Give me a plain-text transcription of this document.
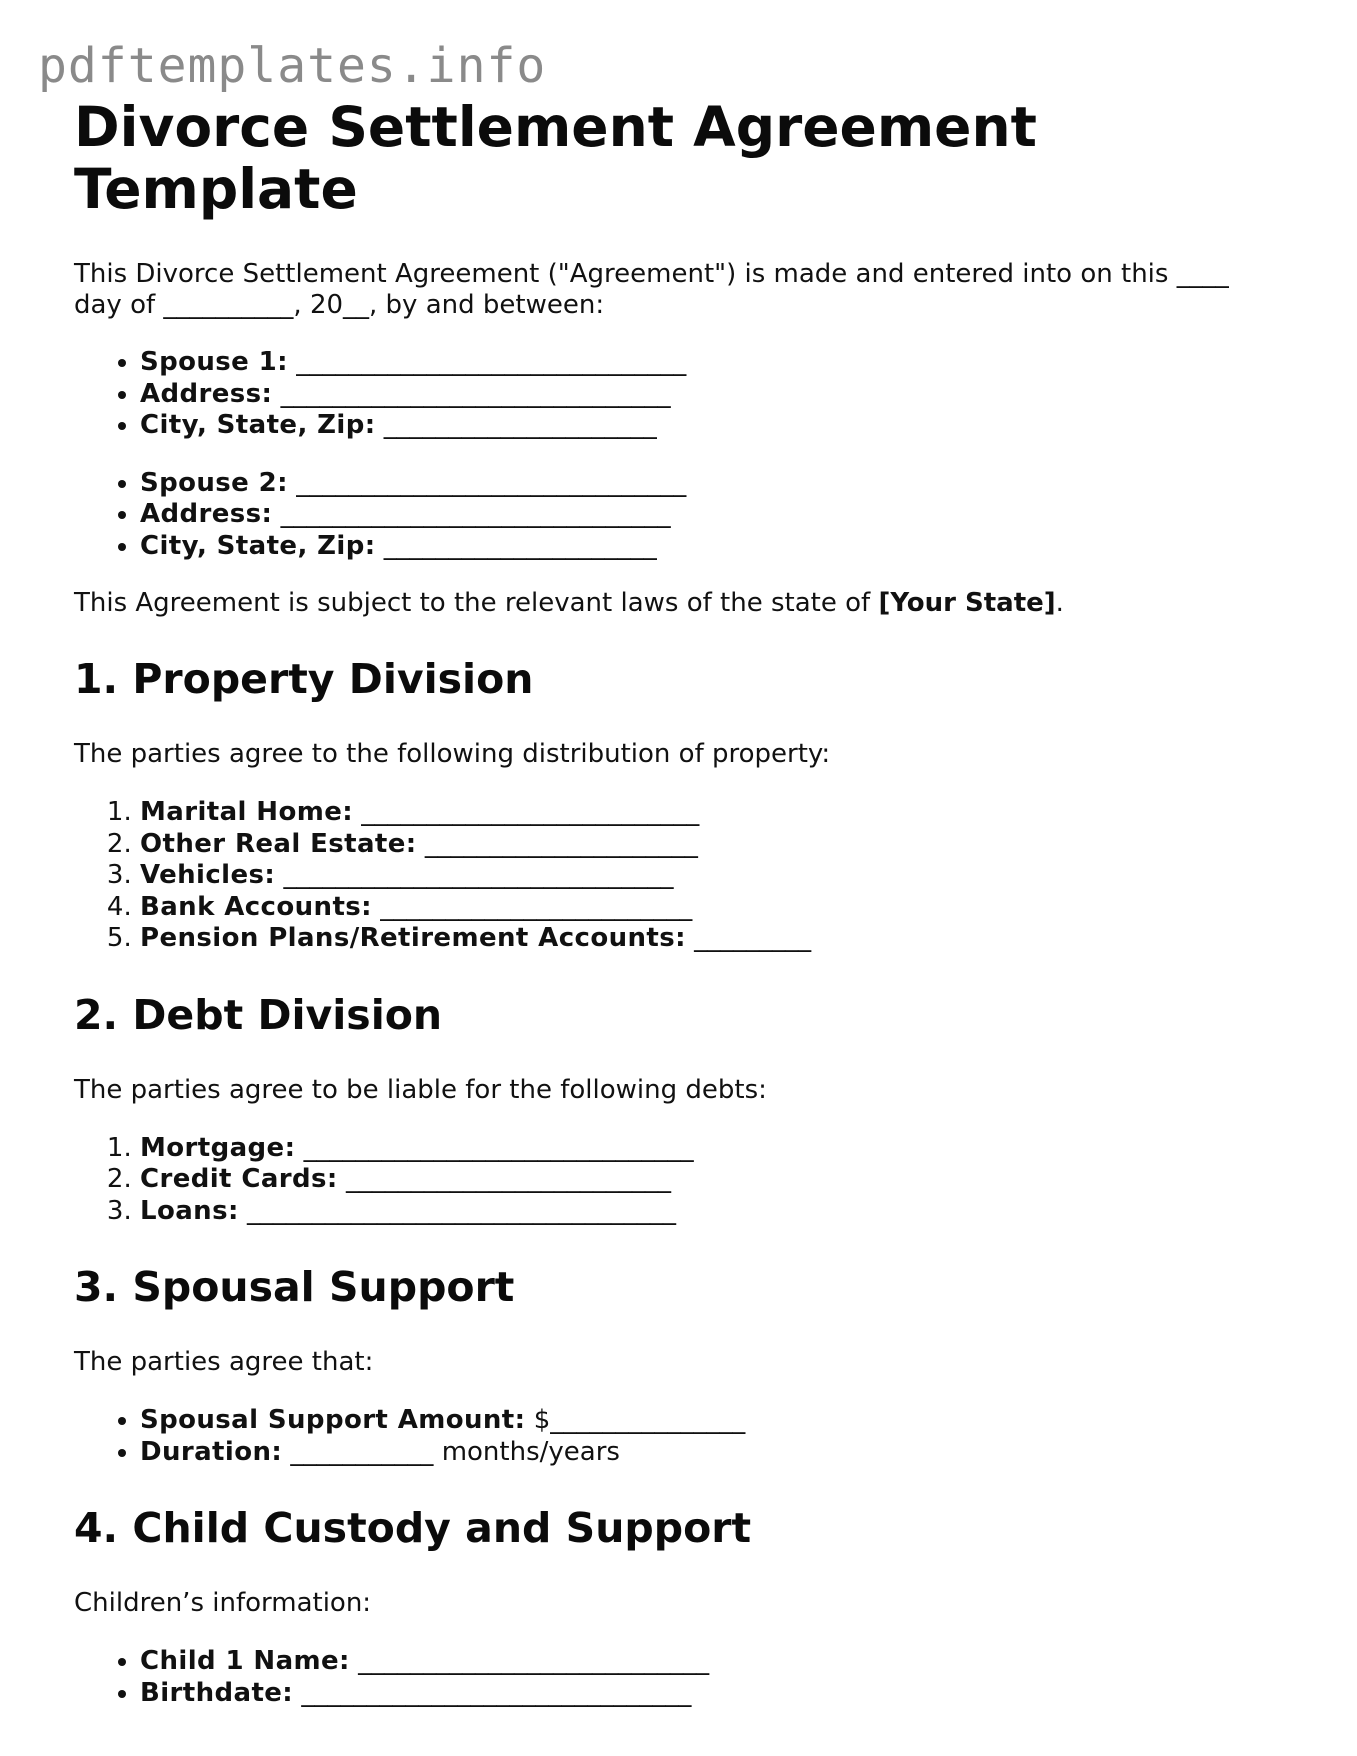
pdftemplates.info
Divorce Settlement Agreement Template

This Divorce Settlement Agreement ("Agreement") is made and entered into on this ____
day of __________, 20__, by and between:

• Spouse 1: ______________________________
• Address: ______________________________
• City, State, Zip: _____________________
• Spouse 2: ______________________________
• Address: ______________________________
• City, State, Zip: _____________________

This Agreement is subject to the relevant laws of the state of [Your State].

1. Property Division

The parties agree to the following distribution of property:

1. Marital Home: __________________________
2. Other Real Estate: _____________________
3. Vehicles: ______________________________
4. Bank Accounts: ________________________
5. Pension Plans/Retirement Accounts: _________
2. Debt Division

The parties agree to be liable for the following debts:

1. Mortgage: ______________________________
2. Credit Cards: _________________________
3. Loans: _________________________________
3. Spousal Support

The parties agree that:

• Spousal Support Amount: $_______________
• Duration: ___________ months/years
4. Child Custody and Support

Children’s information:

• Child 1 Name: ___________________________
• Birthdate: ______________________________
